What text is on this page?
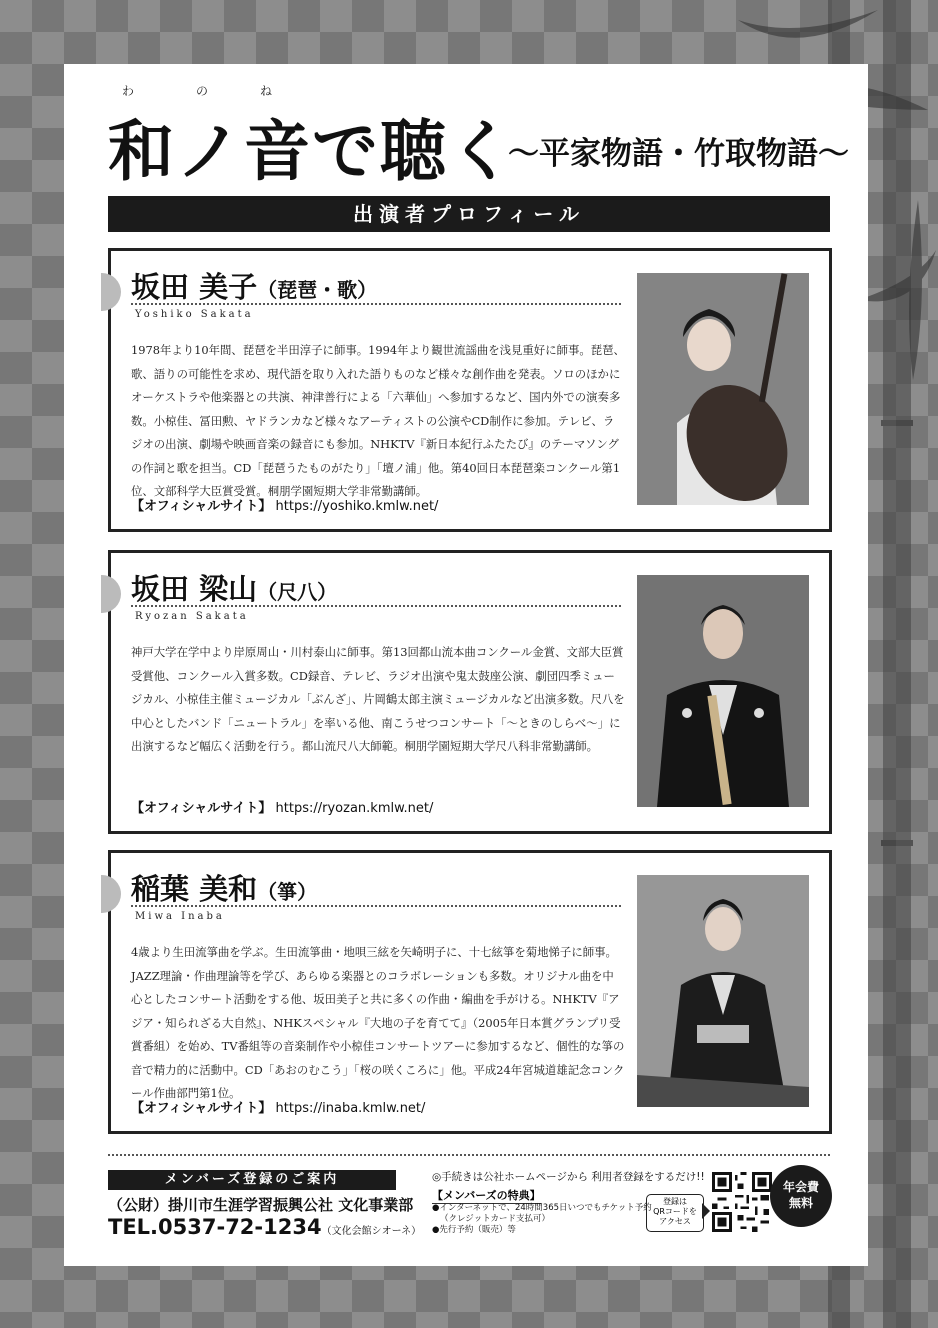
わ	の	ね
和ノ音で聴く
〜平家物語・竹取物語〜
出演者プロフィール
坂田 美子（琵琶・歌）
Yoshiko Sakata
1978年より10年間、琵琶を半田淳子に師事。1994年より観世流謡曲を浅見重好に師事。琵琶、歌、語りの可能性を求め、現代語を取り入れた語りものなど様々な創作曲を発表。ソロのほかにオーケストラや他楽器との共演、神津善行による「六華仙」へ参加するなど、国内外での演奏多数。小椋佳、冨田勲、ヤドランカなど様々なアーティストの公演やCD制作に参加。テレビ、ラジオの出演、劇場や映画音楽の録音にも参加。NHKTV『新日本紀行ふたたび』のテーマソングの作詞と歌を担当。CD「琵琶うたものがたり」「壇ノ浦」他。第40回日本琵琶楽コンクール第1位、文部科学大臣賞受賞。桐朋学園短期大学非常勤講師。
【オフィシャルサイト】 https://yoshiko.kmlw.net/
坂田 梁山（尺八）
Ryozan Sakata
神戸大学在学中より岸原周山・川村泰山に師事。第13回都山流本曲コンクール金賞、文部大臣賞受賞他、コンクール入賞多数。CD録音、テレビ、ラジオ出演や鬼太鼓座公演、劇団四季ミュージカル、小椋佳主催ミュージカル「ぶんざ」、片岡鶴太郎主演ミュージカルなど出演多数。尺八を中心としたバンド「ニュートラル」を率いる他、南こうせつコンサート「〜ときのしらべ〜」に出演するなど幅広く活動を行う。都山流尺八大師範。桐朋学園短期大学尺八科非常勤講師。
【オフィシャルサイト】 https://ryozan.kmlw.net/
稲葉 美和（箏）
Miwa Inaba
4歳より生田流箏曲を学ぶ。生田流箏曲・地唄三絃を矢崎明子に、十七絃箏を菊地悌子に師事。JAZZ理論・作曲理論等を学び、あらゆる楽器とのコラボレーションも多数。オリジナル曲を中心としたコンサート活動をする他、坂田美子と共に多くの作曲・編曲を手がける。NHKTV『アジア・知られざる大自然』、NHKスペシャル『大地の子を育てて』（2005年日本賞グランプリ受賞番組）を始め、TV番組等の音楽制作や小椋佳コンサートツアーに参加するなど、個性的な箏の音で精力的に活動中。CD「あおのむこう」「桜の咲くころに」他。平成24年宮城道雄記念コンクール作曲部門第1位。
【オフィシャルサイト】 https://inaba.kmlw.net/
メンバーズ登録のご案内
（公財）掛川市生涯学習振興公社 文化事業部
TEL.0537-72-1234（文化会館シオーネ）
◎手続きは公社ホームページから 利用者登録をするだけ!!
【メンバーズの特典】
●インターネットで、24時間365日いつでもチケット予約
（クレジットカード支払可）
●先行予約（販売）等
登録は
QRコードを
アクセス
年会費
無料
